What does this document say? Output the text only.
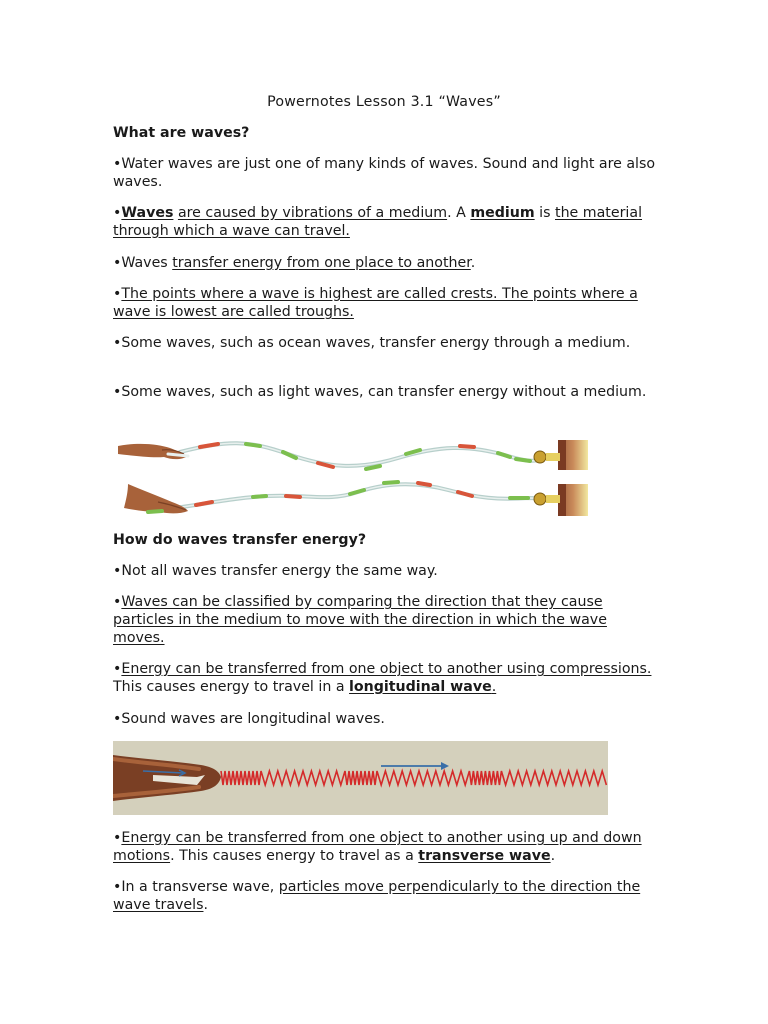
Powernotes Lesson 3.1 “Waves”
What are waves?
•Water waves are just one of many kinds of waves. Sound and light are also waves.
•Waves are caused by vibrations of a medium. A medium is the material through which a wave can travel.
•Waves transfer energy from one place to another.
•The points where a wave is highest are called crests. The points where a wave is lowest are called troughs.
•Some waves, such as ocean waves, transfer energy through a medium.
•Some waves, such as light waves, can transfer energy without a medium.
How do waves transfer energy?
•Not all waves transfer energy the same way.
•Waves can be classified by comparing the direction that they cause particles in the medium to move with the direction in which the wave moves.
•Energy can be transferred from one object to another using compressions. This causes energy to travel in a longitudinal wave.
•Sound waves are longitudinal waves.
•Energy can be transferred from one object to another using up and down motions. This causes energy to travel as a transverse wave.
•In a transverse wave, particles move perpendicularly to the direction the wave travels.
